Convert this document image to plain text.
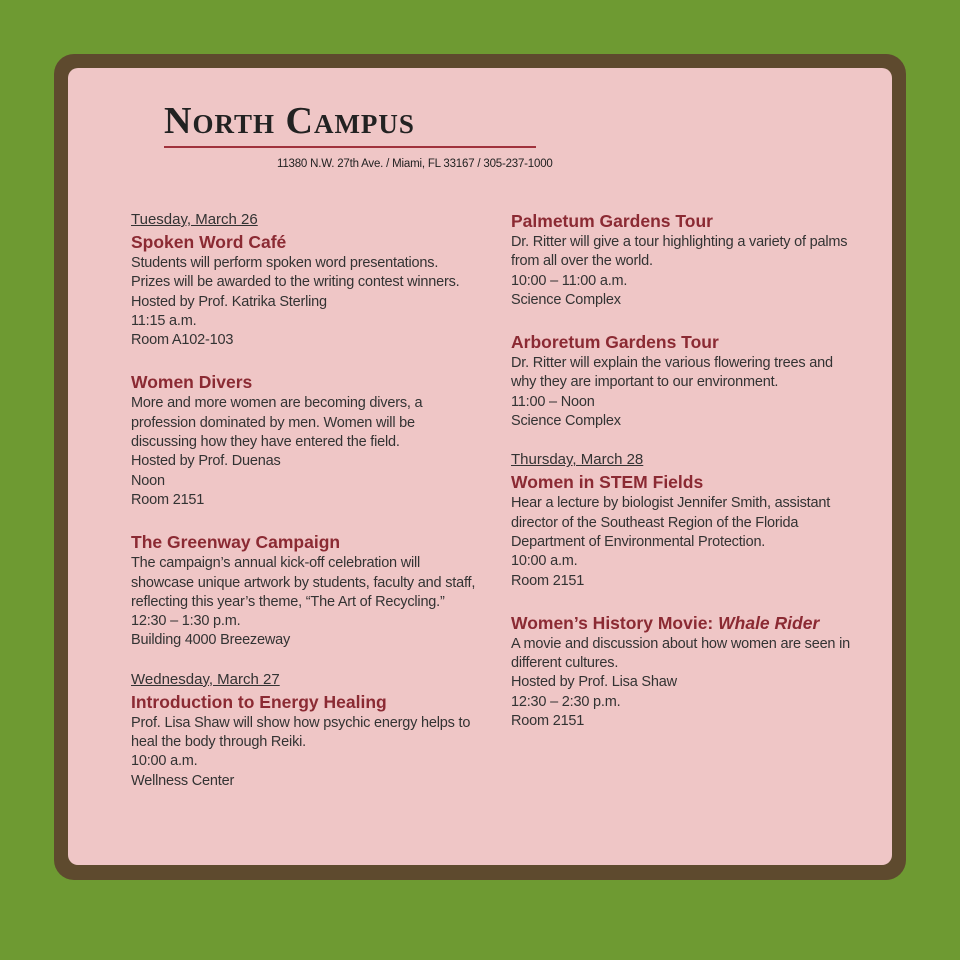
North Campus
11380 N.W. 27th Ave. / Miami, FL 33167 / 305-237-1000

Tuesday, March 26

Spoken Word Café

Students will perform spoken word presentations.

Prizes will be awarded to the writing contest winners.

Hosted by Prof. Katrika Sterling

11:15 a.m.

Room A102-103

Women Divers

More and more women are becoming divers, a

profession dominated by men. Women will be

discussing how they have entered the field.

Hosted by Prof. Duenas

Noon

Room 2151

The Greenway Campaign

The campaign’s annual kick-off celebration will

showcase unique artwork by students, faculty and staff,

reflecting this year’s theme, “The Art of Recycling.”

12:30 – 1:30 p.m.

Building 4000 Breezeway

Wednesday, March 27

Introduction to Energy Healing

Prof. Lisa Shaw will show how psychic energy helps to

heal the body through Reiki.

10:00 a.m.

Wellness Center

Palmetum Gardens Tour

Dr. Ritter will give a tour highlighting a variety of palms

from all over the world.

10:00 – 11:00 a.m.

Science Complex

Arboretum Gardens Tour

Dr. Ritter will explain the various flowering trees and

why they are important to our environment.

11:00 – Noon

Science Complex

Thursday, March 28

Women in STEM Fields

Hear a lecture by biologist Jennifer Smith, assistant

director of the Southeast Region of the Florida

Department of Environmental Protection.

10:00 a.m.

Room 2151

Women’s History Movie: Whale Rider

A movie and discussion about how women are seen in

different cultures.

Hosted by Prof. Lisa Shaw

12:30 – 2:30 p.m.

Room 2151
